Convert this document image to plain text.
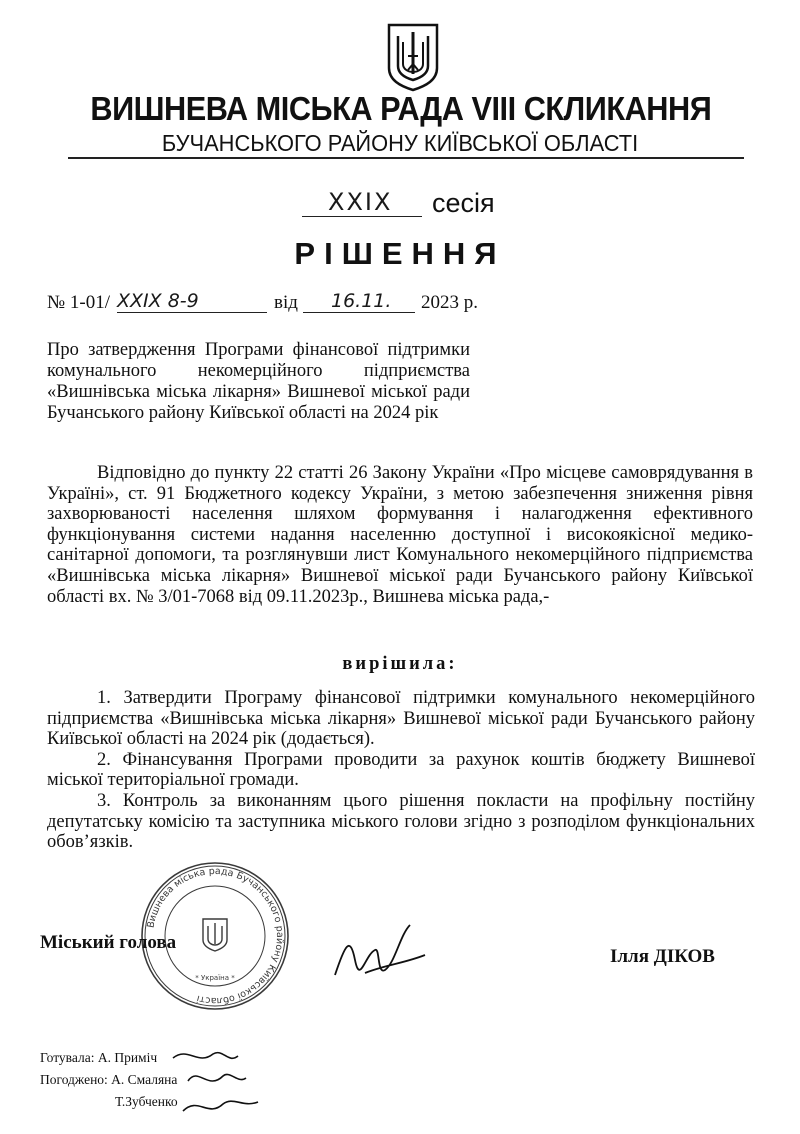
ВИШНЕВА МІСЬКА РАДА VIII СКЛИКАННЯ
БУЧАНСЬКОГО РАЙОНУ КИЇВСЬКОЇ ОБЛАСТІ
XXIX сесія
РІШЕННЯ
№ 1-01/ XXIX 8-9	від 16.11. 2023 р.
Про затвердження Програми фінансової підтримки комунального некомерційного підприємства «Вишнівська міська лікарня» Вишневої міської ради Бучанського району Київської області на 2024 рік

Відповідно до пункту 22 статті 26 Закону України «Про місцеве самоврядування в Україні», ст. 91 Бюджетного кодексу України, з метою забезпечення зниження рівня захворюваності населення шляхом формування і налагодження ефективного функціонування системи надання населенню доступної і високоякісної медико-санітарної допомоги, та розглянувши лист Комунального некомерційного підприємства «Вишнівська міська лікарня» Вишневої міської ради Бучанського району Київської області вх. № 3/01-7068 від 09.11.2023р., Вишнева міська рада,-

вирішила:

1. Затвердити Програму фінансової підтримки комунального некомерційного підприємства «Вишнівська міська лікарня» Вишневої міської ради Бучанського району Київської області на 2024 рік (додається).

2. Фінансування Програми проводити за рахунок коштів бюджету Вишневої міської територіальної громади.

3. Контроль за виконанням цього рішення покласти на профільну постійну депутатську комісію та заступника міського голови згідно з розподілом функціональних обов’язків.

Вишнева міська рада Бучанського району Київської області
* Україна *
Міський голова
Ілля ДІКОВ
Готувала: А. Приміч
Погоджено: А. Смаляна
Т.Зубченко
